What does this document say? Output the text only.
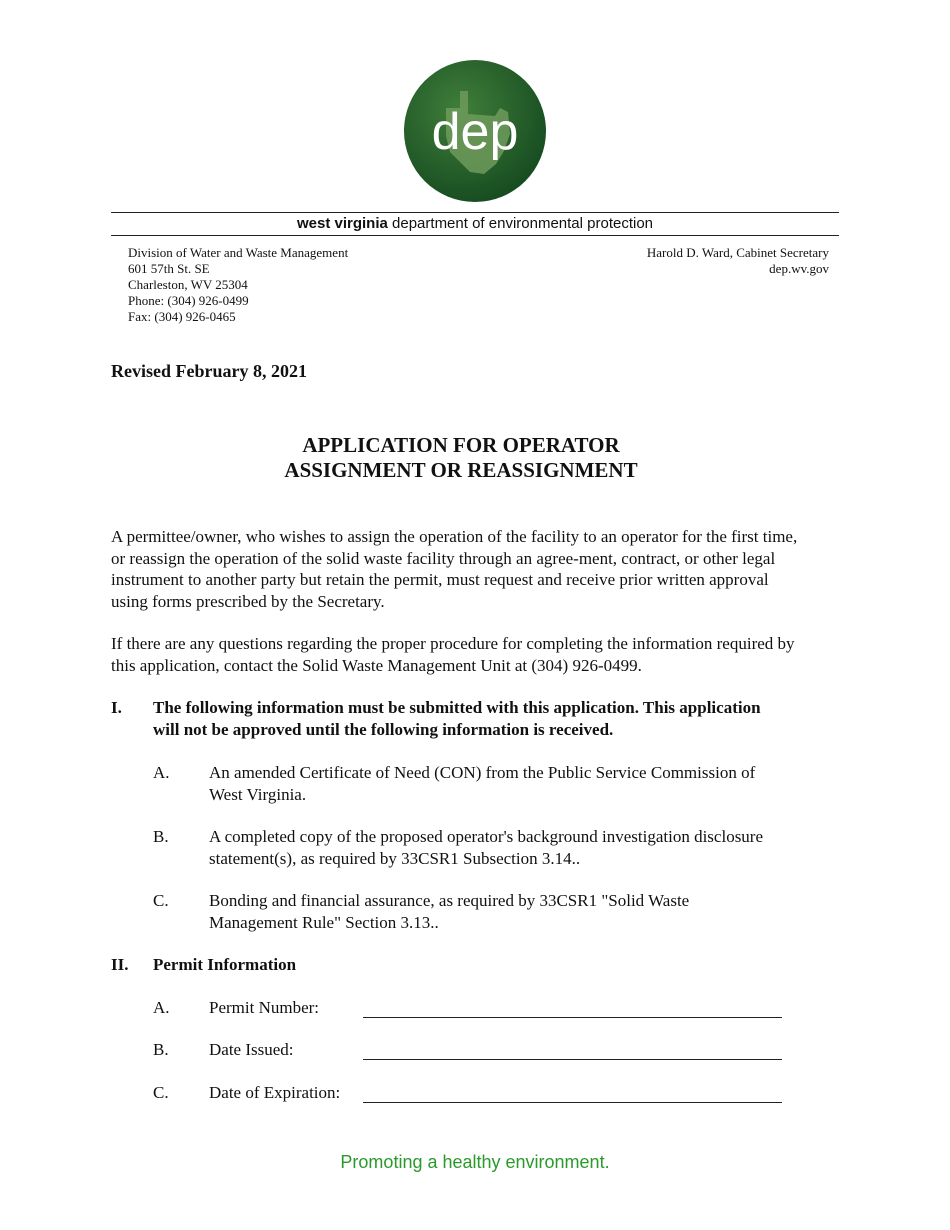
dep
west virginia department of environmental protection
Division of Water and Waste Management
601 57th St. SE
Charleston, WV 25304
Phone: (304) 926-0499
Fax: (304) 926-0465
Harold D. Ward, Cabinet Secretary
dep.wv.gov
Revised February 8, 2021
APPLICATION FOR OPERATOR
ASSIGNMENT OR REASSIGNMENT
A permittee/owner, who wishes to assign the operation of the facility to an operator for the first time, or reassign the operation of the solid waste facility through an agree-ment, contract, or other legal instrument to another party but retain the permit, must request and receive prior written approval using forms prescribed by the Secretary.
If there are any questions regarding the proper procedure for completing the information required by this application, contact the Solid Waste Management Unit at (304) 926-0499.
I. The following information must be submitted with this application. This application will not be approved until the following information is received.
A. An amended Certificate of Need (CON) from the Public Service Commission of West Virginia.
B. A completed copy of the proposed operator's background investigation disclosure statement(s), as required by 33CSR1 Subsection 3.14..
C. Bonding and financial assurance, as required by 33CSR1 "Solid Waste Management Rule" Section 3.13..
II. Permit Information
A. Permit Number:
B. Date Issued:
C. Date of Expiration:
Promoting a healthy environment.
